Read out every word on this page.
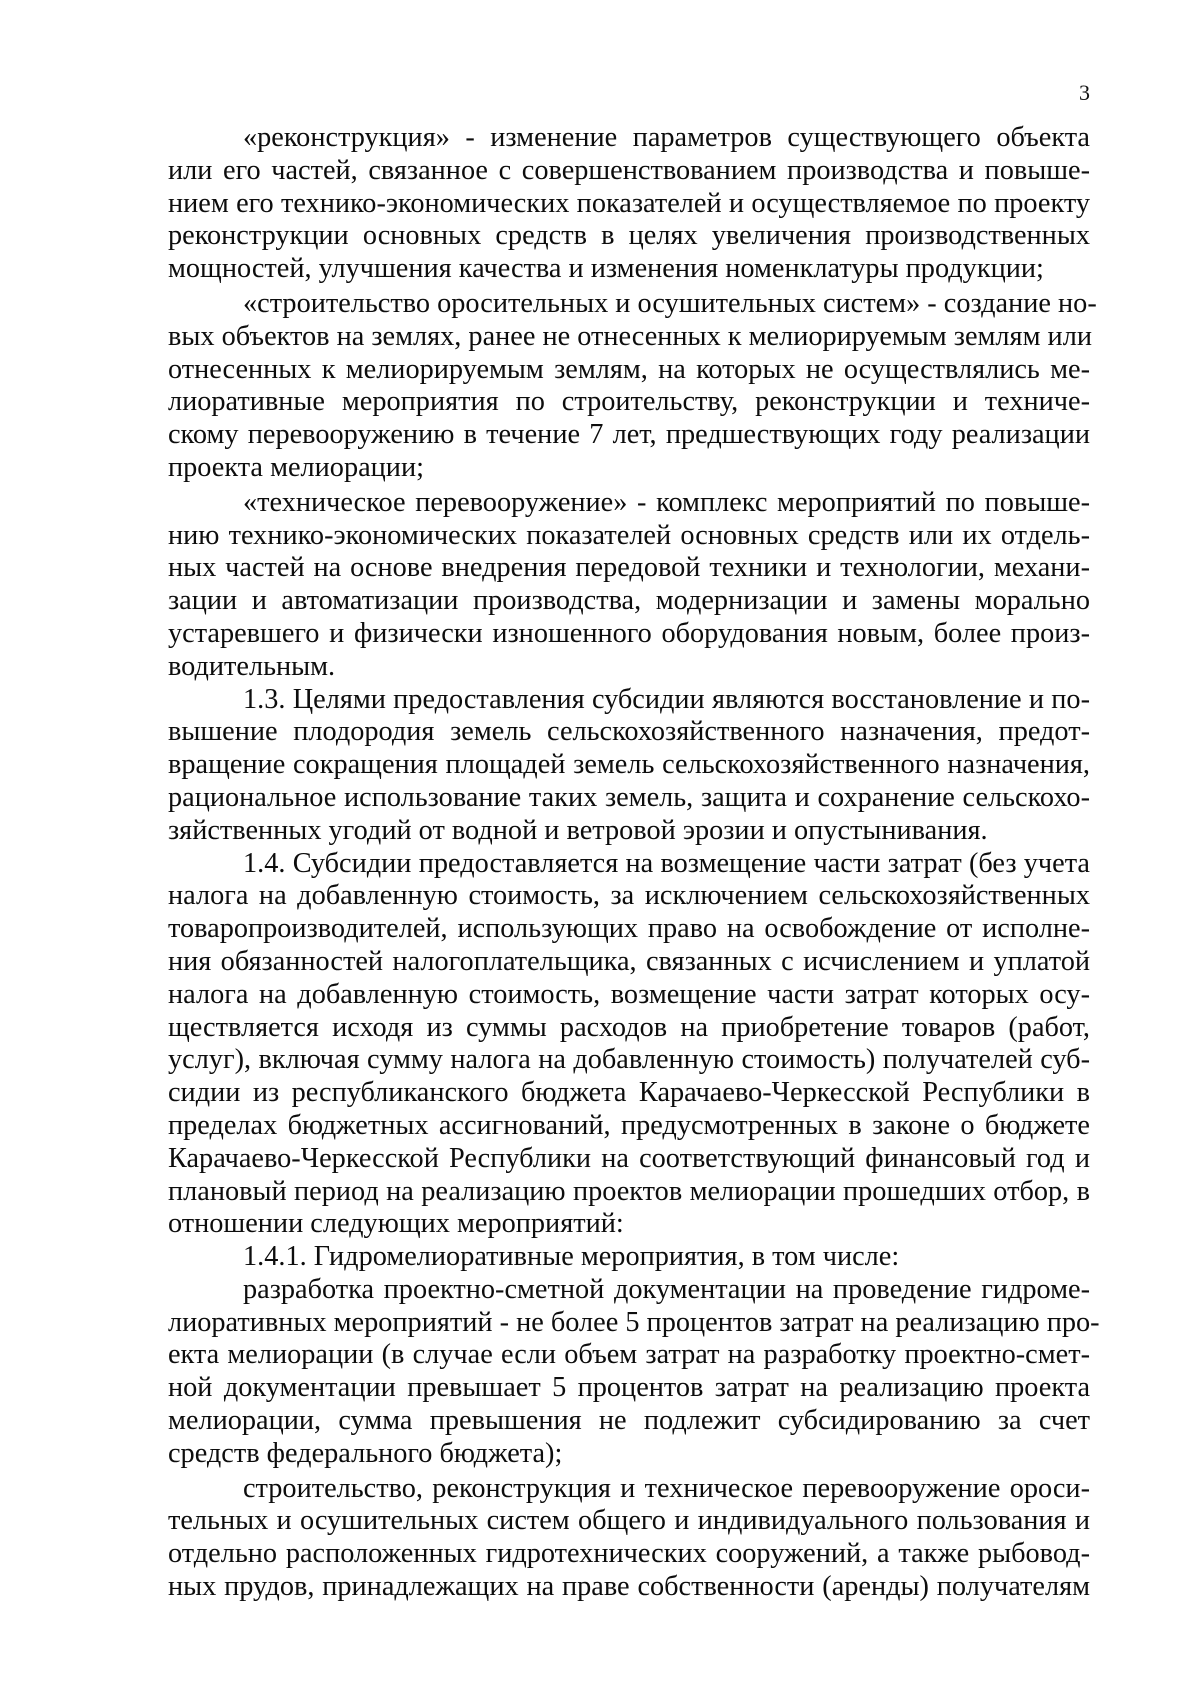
3
«реконструкция» - изменение параметров существующего объекта
или его частей, связанное с совершенствованием производства и повыше-
нием его технико-экономических показателей и осуществляемое по проекту
реконструкции основных средств в целях увеличения производственных
мощностей, улучшения качества и изменения номенклатуры продукции;
«строительство оросительных и осушительных систем» - создание но-
вых объектов на землях, ранее не отнесенных к мелиорируемым землям или
отнесенных к мелиорируемым землям, на которых не осуществлялись ме-
лиоративные мероприятия по строительству, реконструкции и техниче-
скому перевооружению в течение 7 лет, предшествующих году реализации
проекта мелиорации;
«техническое перевооружение» - комплекс мероприятий по повыше-
нию технико-экономических показателей основных средств или их отдель-
ных частей на основе внедрения передовой техники и технологии, механи-
зации и автоматизации производства, модернизации и замены морально
устаревшего и физически изношенного оборудования новым, более произ-
водительным.
1.3. Целями предоставления субсидии являются восстановление и по-
вышение плодородия земель сельскохозяйственного назначения, предот-
вращение сокращения площадей земель сельскохозяйственного назначения,
рациональное использование таких земель, защита и сохранение сельскохо-
зяйственных угодий от водной и ветровой эрозии и опустынивания.
1.4. Субсидии предоставляется на возмещение части затрат (без учета
налога на добавленную стоимость, за исключением сельскохозяйственных
товаропроизводителей, использующих право на освобождение от исполне-
ния обязанностей налогоплательщика, связанных с исчислением и уплатой
налога на добавленную стоимость, возмещение части затрат которых осу-
ществляется исходя из суммы расходов на приобретение товаров (работ,
услуг), включая сумму налога на добавленную стоимость) получателей суб-
сидии из республиканского бюджета Карачаево-Черкесской Республики в
пределах бюджетных ассигнований, предусмотренных в законе о бюджете
Карачаево-Черкесской Республики на соответствующий финансовый год и
плановый период на реализацию проектов мелиорации прошедших отбор, в
отношении следующих мероприятий:
1.4.1. Гидромелиоративные мероприятия, в том числе:
разработка проектно-сметной документации на проведение гидроме-
лиоративных мероприятий - не более 5 процентов затрат на реализацию про-
екта мелиорации (в случае если объем затрат на разработку проектно-смет-
ной документации превышает 5 процентов затрат на реализацию проекта
мелиорации, сумма превышения не подлежит субсидированию за счет
средств федерального бюджета);
строительство, реконструкция и техническое перевооружение ороси-
тельных и осушительных систем общего и индивидуального пользования и
отдельно расположенных гидротехнических сооружений, а также рыбовод-
ных прудов, принадлежащих на праве собственности (аренды) получателям
